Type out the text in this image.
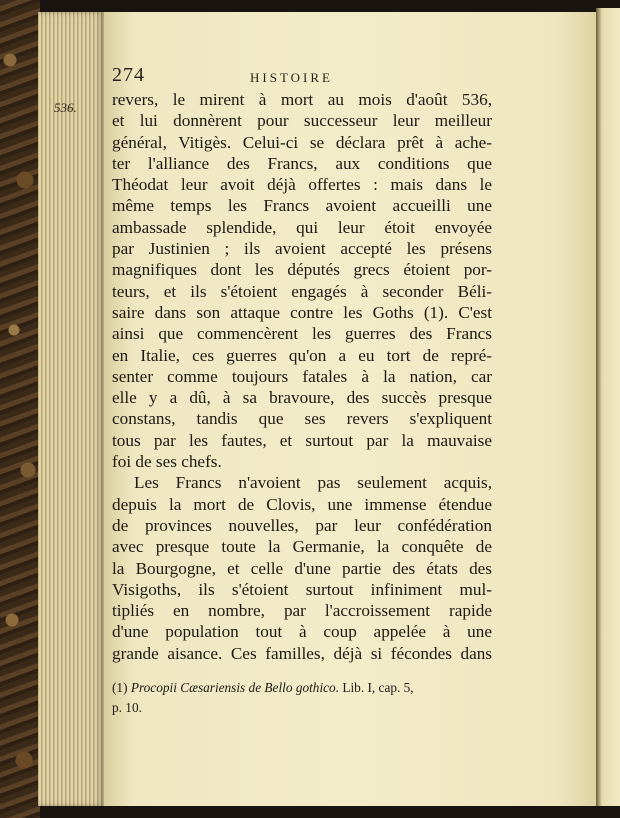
274	HISTOIRE
536. revers, le mirent à mort au mois d'août 536,
et lui donnèrent pour successeur leur meilleur
général, Vitigès. Celui-ci se déclara prêt à ache-
ter l'alliance des Francs, aux conditions que
Théodat leur avoit déjà offertes : mais dans le
même temps les Francs avoient accueilli une
ambassade splendide, qui leur étoit envoyée
par Justinien ; ils avoient accepté les présens
magnifiques dont les députés grecs étoient por-
teurs, et ils s'étoient engagés à seconder Béli-
saire dans son attaque contre les Goths (1). C'est
ainsi que commencèrent les guerres des Francs
en Italie, ces guerres qu'on a eu tort de repré-
senter comme toujours fatales à la nation, car
elle y a dû, à sa bravoure, des succès presque
constans, tandis que ses revers s'expliquent
tous par les fautes, et surtout par la mauvaise
foi de ses chefs.
Les Francs n'avoient pas seulement acquis,
depuis la mort de Clovis, une immense étendue
de provinces nouvelles, par leur confédération
avec presque toute la Germanie, la conquête de
la Bourgogne, et celle d'une partie des états des
Visigoths, ils s'étoient surtout infiniment mul-
tipliés en nombre, par l'accroissement rapide
d'une population tout à coup appelée à une
grande aisance. Ces familles, déjà si fécondes dans
(1) Procopii Cæsariensis de Bello gothico. Lib. I, cap. 5,
p. 10.
